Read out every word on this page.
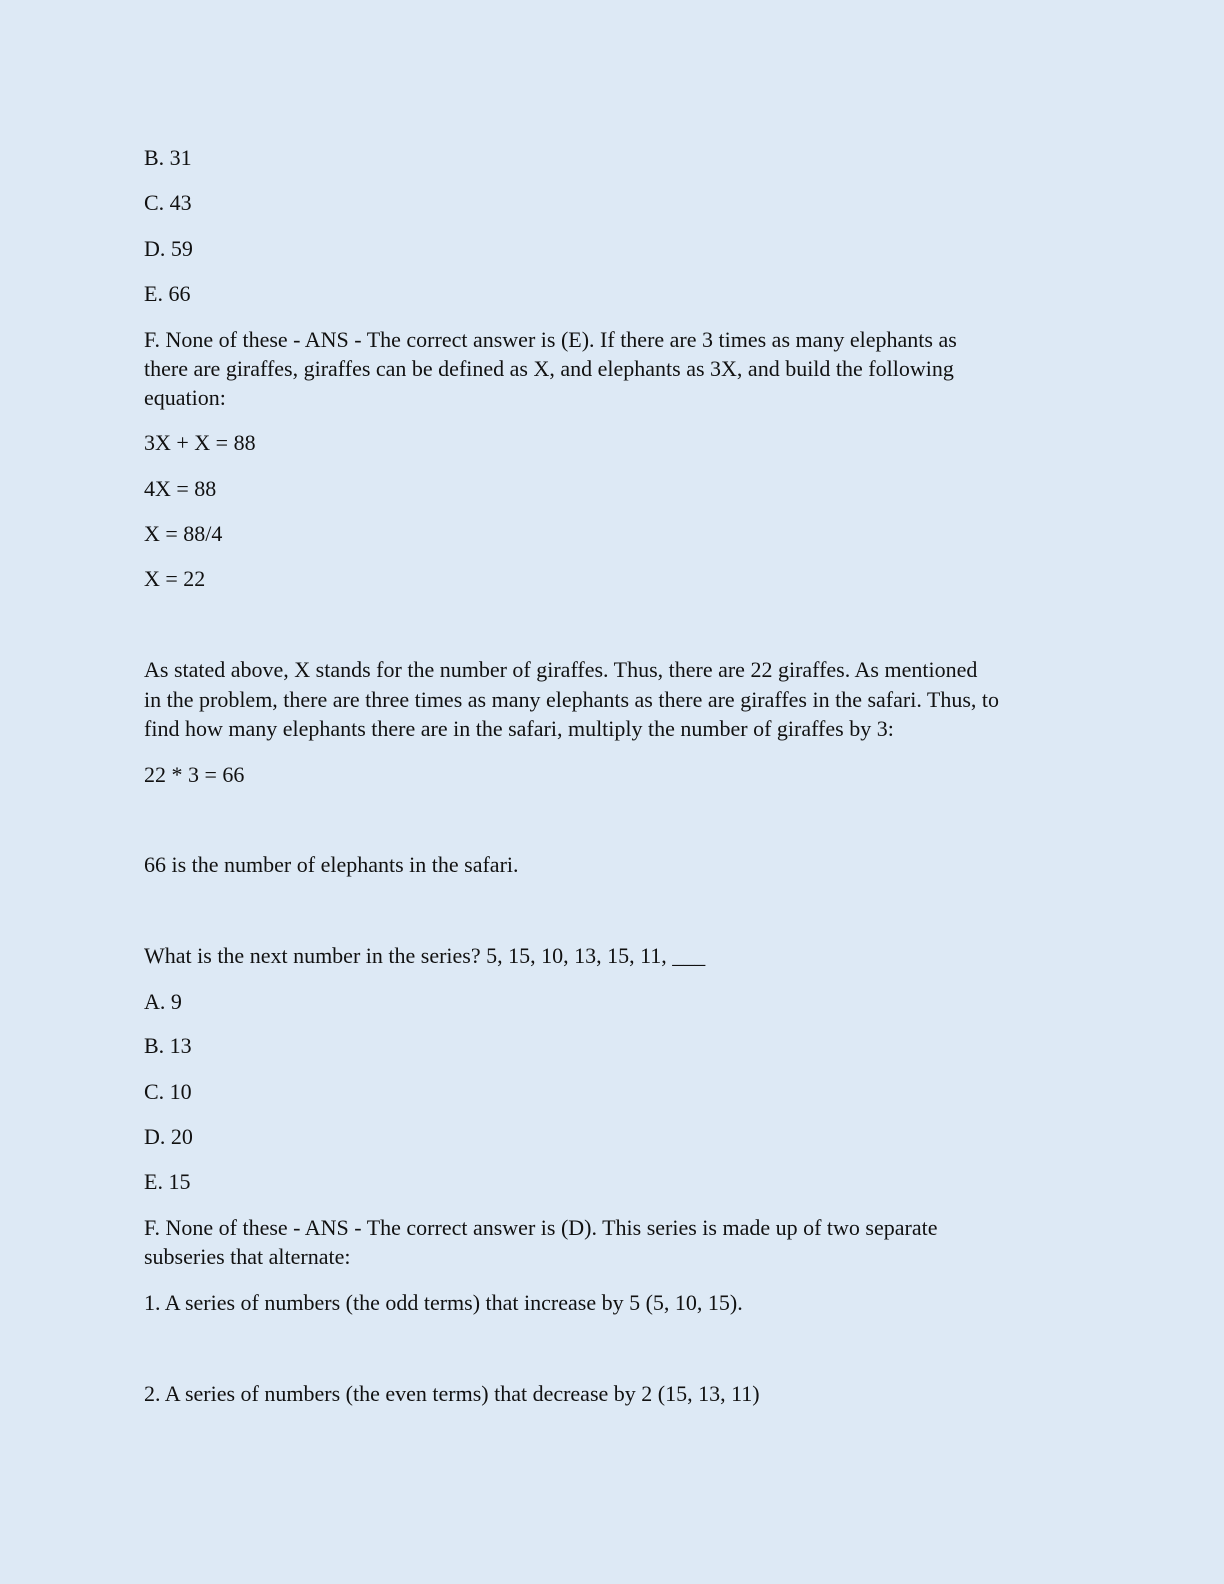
B. 31

C. 43

D. 59

E. 66

F. None of these - ANS - The correct answer is (E). If there are 3 times as many elephants as

there are giraffes, giraffes can be defined as X, and elephants as 3X, and build the following

equation:

3X + X = 88

4X = 88

X = 88/4

X = 22

As stated above, X stands for the number of giraffes. Thus, there are 22 giraffes. As mentioned

in the problem, there are three times as many elephants as there are giraffes in the safari. Thus, to

find how many elephants there are in the safari, multiply the number of giraffes by 3:

22 * 3 = 66

66 is the number of elephants in the safari.

What is the next number in the series? 5, 15, 10, 13, 15, 11, ___

A. 9

B. 13

C. 10

D. 20

E. 15

F. None of these - ANS - The correct answer is (D). This series is made up of two separate

subseries that alternate:

1. A series of numbers (the odd terms) that increase by 5 (5, 10, 15).

2. A series of numbers (the even terms) that decrease by 2 (15, 13, 11)
